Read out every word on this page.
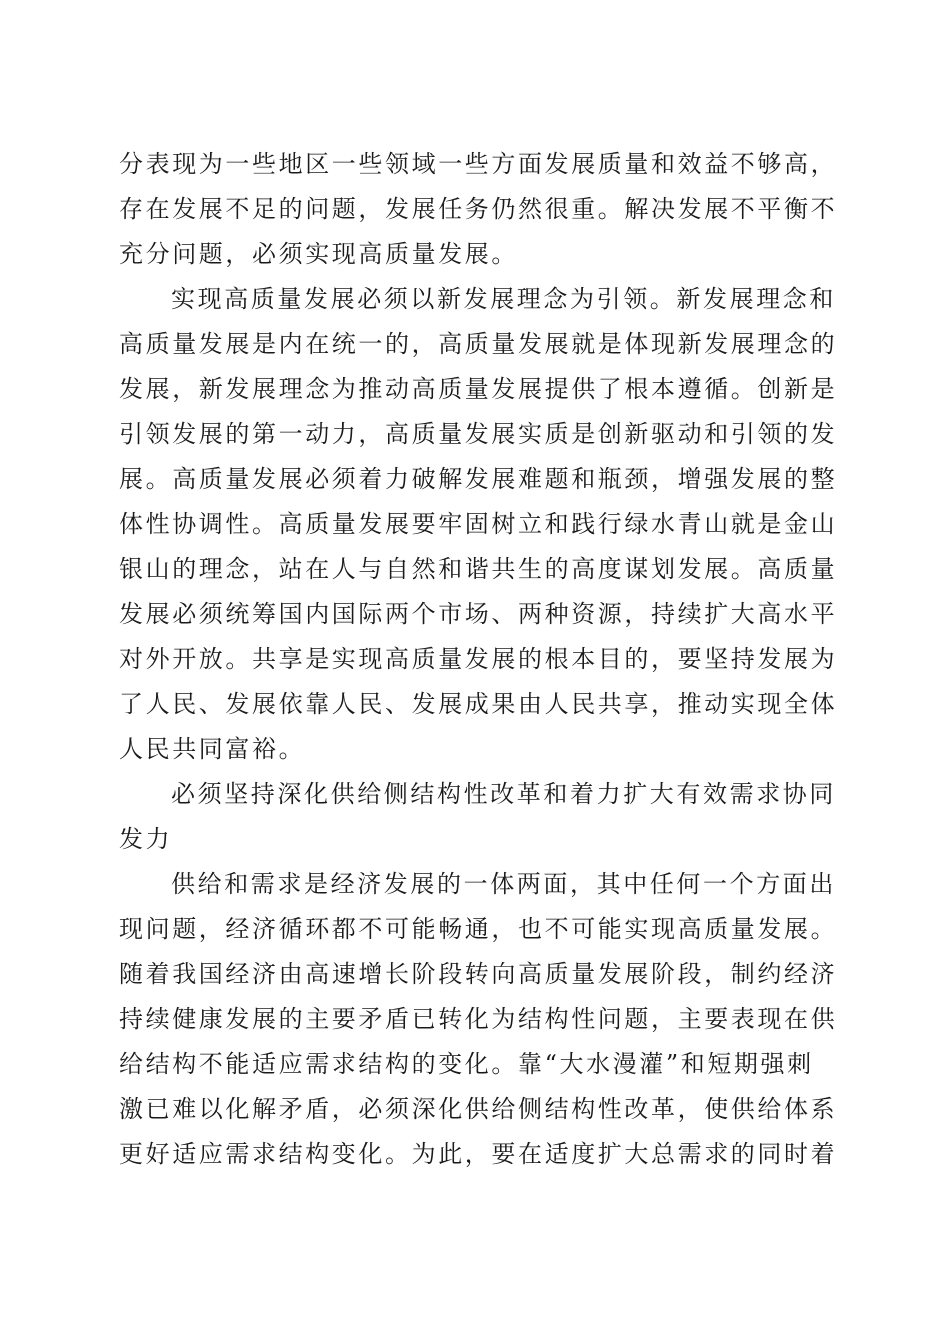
分表现为一些地区一些领域一些方面发展质量和效益不够高，
存在发展不足的问题，发展任务仍然很重。解决发展不平衡不
充分问题，必须实现高质量发展。
实现高质量发展必须以新发展理念为引领。新发展理念和
高质量发展是内在统一的，高质量发展就是体现新发展理念的
发展，新发展理念为推动高质量发展提供了根本遵循。创新是
引领发展的第一动力，高质量发展实质是创新驱动和引领的发
展。高质量发展必须着力破解发展难题和瓶颈，增强发展的整
体性协调性。高质量发展要牢固树立和践行绿水青山就是金山
银山的理念，站在人与自然和谐共生的高度谋划发展。高质量
发展必须统筹国内国际两个市场、两种资源，持续扩大高水平
对外开放。共享是实现高质量发展的根本目的，要坚持发展为
了人民、发展依靠人民、发展成果由人民共享，推动实现全体
人民共同富裕。
必须坚持深化供给侧结构性改革和着力扩大有效需求协同
发力
供给和需求是经济发展的一体两面，其中任何一个方面出
现问题，经济循环都不可能畅通，也不可能实现高质量发展。
随着我国经济由高速增长阶段转向高质量发展阶段，制约经济
持续健康发展的主要矛盾已转化为结构性问题，主要表现在供
给结构不能适应需求结构的变化。靠“大水漫灌”和短期强刺
激已难以化解矛盾，必须深化供给侧结构性改革，使供给体系
更好适应需求结构变化。为此，要在适度扩大总需求的同时着
